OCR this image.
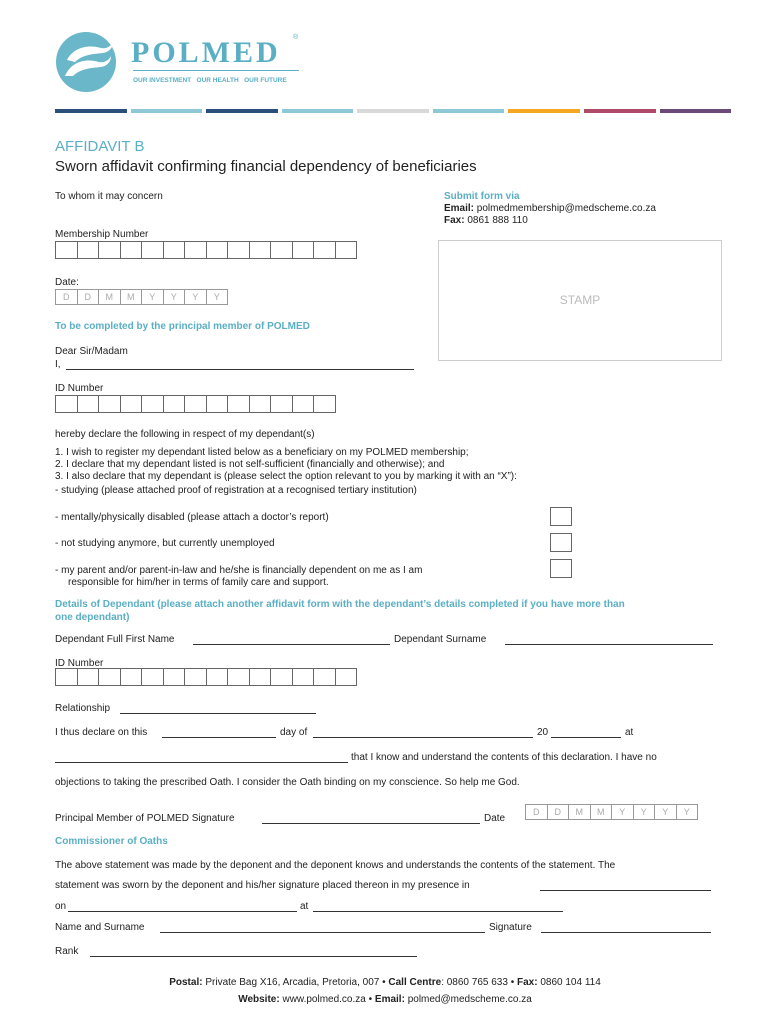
POLMED ®
OUR INVESTMENT   OUR HEALTH   OUR FUTURE
AFFIDAVIT B
Sworn affidavit confirming financial dependency of beneficiaries
To whom it may concern	Submit form via
Email: polmedmembership@medscheme.co.za
Fax: 0861 888 110
STAMP
Membership Number
Date:
D	D	M	M	Y	Y	Y	Y
To be completed by the principal member of POLMED
Dear Sir/Madam
I,
ID Number
hereby declare the following in respect of my dependant(s)
1. I wish to register my dependant listed below as a beneficiary on my POLMED membership;
2. I declare that my dependant listed is not self-sufficient (financially and otherwise); and
3. I also declare that my dependant is (please select the option relevant to you by marking it with an “X”):
- studying (please attached proof of registration at a recognised tertiary institution)
- mentally/physically disabled (please attach a doctor’s report)
- not studying anymore, but currently unemployed
- my parent and/or parent-in-law and he/she is financially dependent on me as I am
responsible for him/her in terms of family care and support.
Details of Dependant (please attach another affidavit form with the dependant’s details completed if you have more than
one dependant)
Dependant Full First Name	Dependant Surname
ID Number
Relationship
I thus declare on this	day of	20	at
that I know and understand the contents of this declaration. I have no
objections to taking the prescribed Oath. I consider the Oath binding on my conscience. So help me God.
Principal Member of POLMED Signature	Date
D	D	M	M	Y	Y	Y	Y
Commissioner of Oaths
The above statement was made by the deponent and the deponent knows and understands the contents of the statement. The
statement was sworn by the deponent and his/her signature placed thereon in my presence in
on	at
Name and Surname	Signature
Rank
Postal: Private Bag X16, Arcadia, Pretoria, 007 • Call Centre: 0860 765 633 • Fax: 0860 104 114
Website: www.polmed.co.za • Email: polmed@medscheme.co.za
